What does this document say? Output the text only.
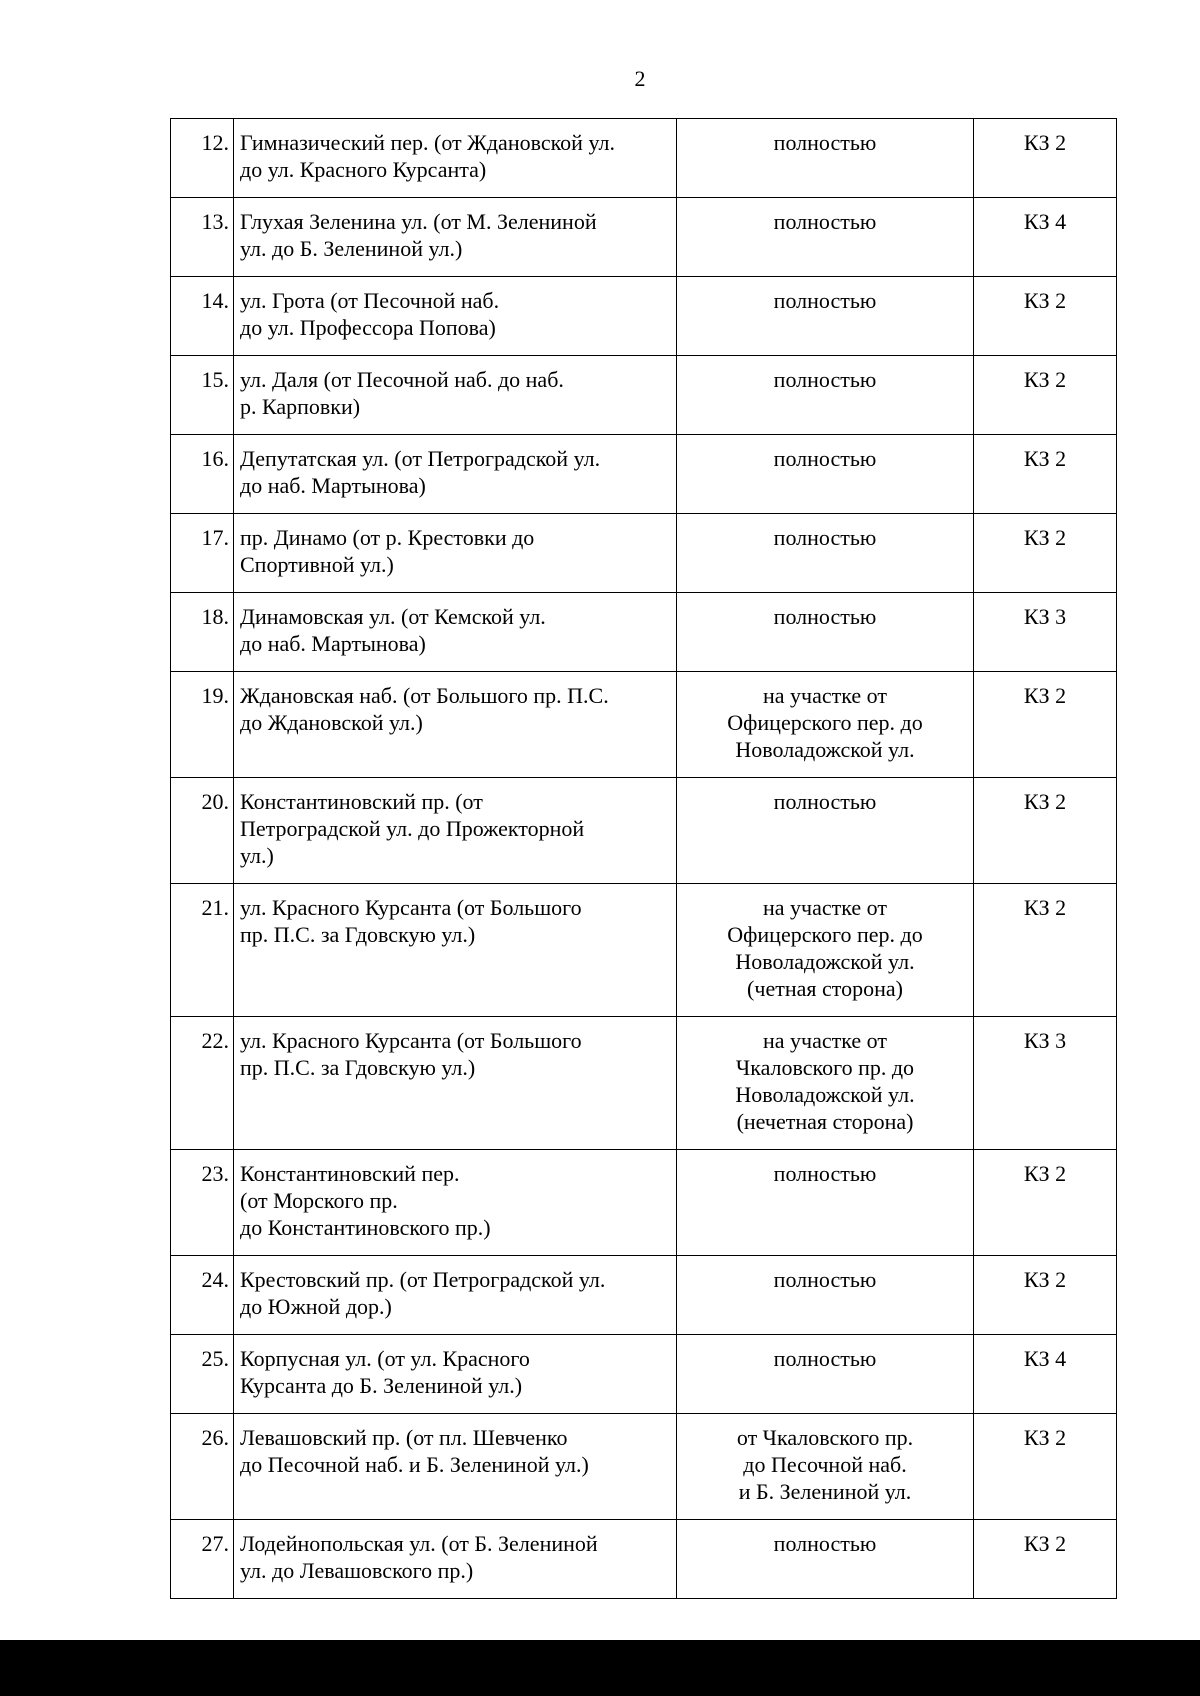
2
12.	Гимназический пер. (от Ждановской ул.
до ул. Красного Курсанта)	полностью	КЗ 2
13.	Глухая Зеленина ул. (от М. Зелениной
ул. до Б. Зелениной ул.)	полностью	КЗ 4
14.	ул. Грота (от Песочной наб.
до ул. Профессора Попова)	полностью	КЗ 2
15.	ул. Даля (от Песочной наб. до наб.
р. Карповки)	полностью	КЗ 2
16.	Депутатская ул. (от Петроградской ул.
до наб. Мартынова)	полностью	КЗ 2
17.	пр. Динамо (от р. Крестовки до
Спортивной ул.)	полностью	КЗ 2
18.	Динамовская ул. (от Кемской ул.
до наб. Мартынова)	полностью	КЗ 3
19.	Ждановская наб. (от Большого пр. П.С.
до Ждановской ул.)	на участке от
Офицерского пер. до
Новоладожской ул.	КЗ 2
20.	Константиновский пр. (от
Петроградской ул. до Прожекторной
ул.)	полностью	КЗ 2
21.	ул. Красного Курсанта (от Большого
пр. П.С. за Гдовскую ул.)	на участке от
Офицерского пер. до
Новоладожской ул.
(четная сторона)	КЗ 2
22.	ул. Красного Курсанта (от Большого
пр. П.С. за Гдовскую ул.)	на участке от
Чкаловского пр. до
Новоладожской ул.
(нечетная сторона)	КЗ 3
23.	Константиновский пер.
(от Морского пр.
до Константиновского пр.)	полностью	КЗ 2
24.	Крестовский пр. (от Петроградской ул.
до Южной дор.)	полностью	КЗ 2
25.	Корпусная ул. (от ул. Красного
Курсанта до Б. Зелениной ул.)	полностью	КЗ 4
26.	Левашовский пр. (от пл. Шевченко
до Песочной наб. и Б. Зелениной ул.)	от Чкаловского пр.
до Песочной наб.
и Б. Зелениной ул.	КЗ 2
27.	Лодейнопольская ул. (от Б. Зелениной
ул. до Левашовского пр.)	полностью	КЗ 2
